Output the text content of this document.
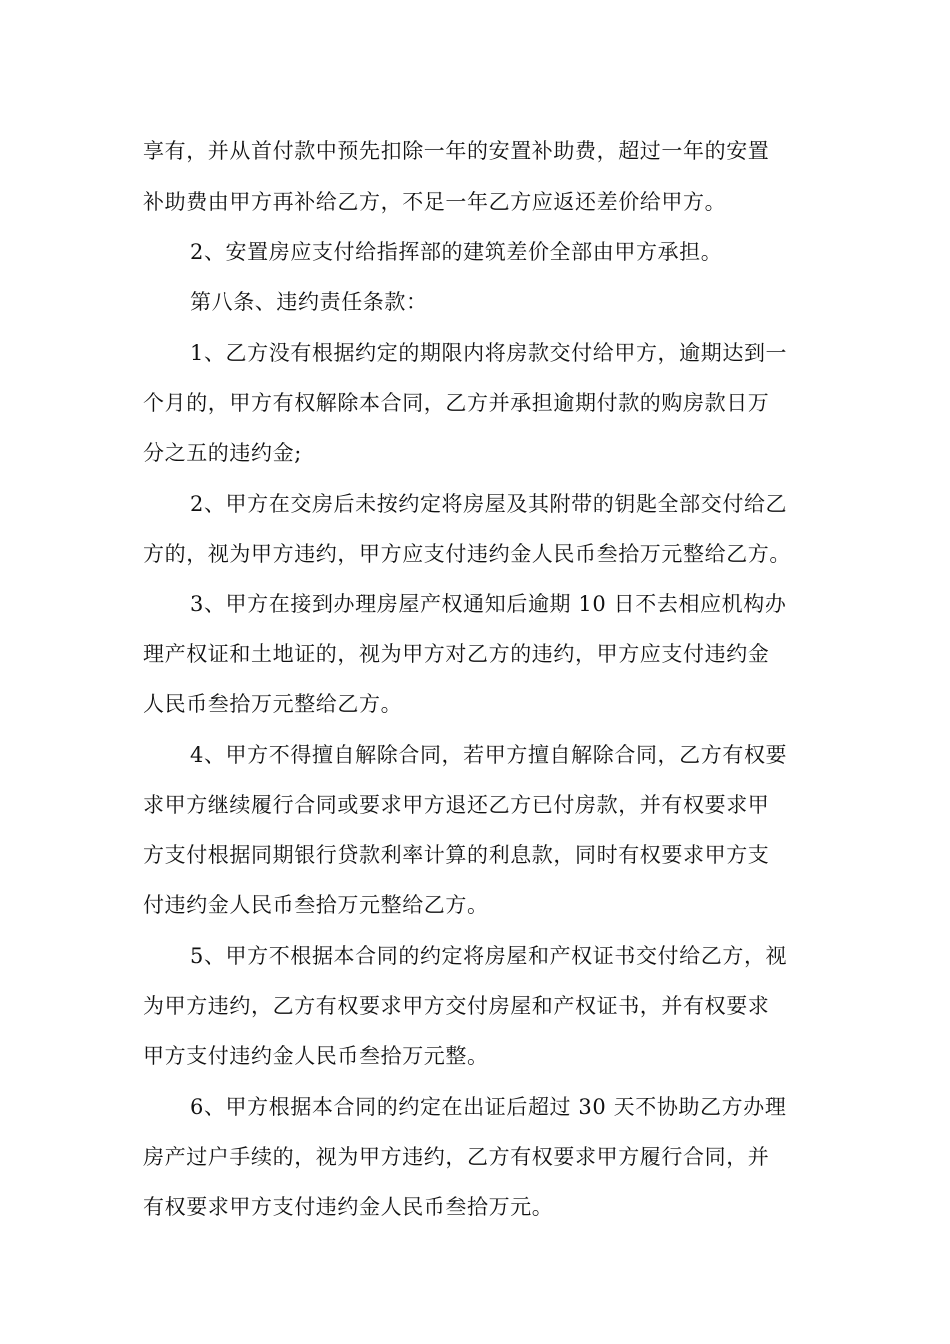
享有，并从首付款中预先扣除一年的安置补助费，超过一年的安置
补助费由甲方再补给乙方，不足一年乙方应返还差价给甲方。
2、安置房应支付给指挥部的建筑差价全部由甲方承担。
第八条、违约责任条款：
1、乙方没有根据约定的期限内将房款交付给甲方，逾期达到一
个月的，甲方有权解除本合同，乙方并承担逾期付款的购房款日万
分之五的违约金;
2、甲方在交房后未按约定将房屋及其附带的钥匙全部交付给乙
方的，视为甲方违约，甲方应支付违约金人民币叁拾万元整给乙方。
3、甲方在接到办理房屋产权通知后逾期 10 日不去相应机构办
理产权证和土地证的，视为甲方对乙方的违约，甲方应支付违约金
人民币叁拾万元整给乙方。
4、甲方不得擅自解除合同，若甲方擅自解除合同，乙方有权要
求甲方继续履行合同或要求甲方退还乙方已付房款，并有权要求甲
方支付根据同期银行贷款利率计算的利息款，同时有权要求甲方支
付违约金人民币叁拾万元整给乙方。
5、甲方不根据本合同的约定将房屋和产权证书交付给乙方，视
为甲方违约，乙方有权要求甲方交付房屋和产权证书，并有权要求
甲方支付违约金人民币叁拾万元整。
6、甲方根据本合同的约定在出证后超过 30 天不协助乙方办理
房产过户手续的，视为甲方违约，乙方有权要求甲方履行合同，并
有权要求甲方支付违约金人民币叁拾万元。
